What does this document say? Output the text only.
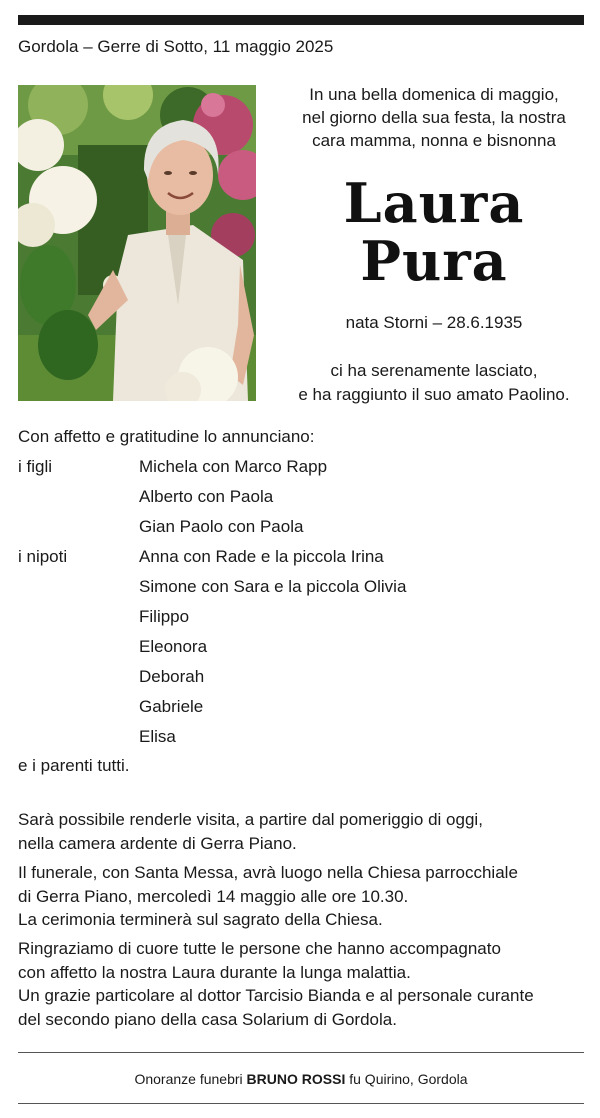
Gordola – Gerre di Sotto, 11 maggio 2025
In una bella domenica di maggio,
nel giorno della sua festa, la nostra
cara mamma, nonna e bisnonna
Laura
Pura
nata Storni – 28.6.1935
ci ha serenamente lasciato,
e ha raggiunto il suo amato Paolino.
Con affetto e gratitudine lo annunciano:
i figli	Michela con Marco Rapp
Alberto con Paola
Gian Paolo con Paola
i nipoti	Anna con Rade e la piccola Irina
Simone con Sara e la piccola Olivia
Filippo
Eleonora
Deborah
Gabriele
Elisa
e i parenti tutti.
Sarà possibile renderle visita, a partire dal pomeriggio di oggi,
nella camera ardente di Gerra Piano.
Il funerale, con Santa Messa, avrà luogo nella Chiesa parrocchiale
di Gerra Piano, mercoledì 14 maggio alle ore 10.30.
La cerimonia terminerà sul sagrato della Chiesa.
Ringraziamo di cuore tutte le persone che hanno accompagnato
con affetto la nostra Laura durante la lunga malattia.
Un grazie particolare al dottor Tarcisio Bianda e al personale curante
del secondo piano della casa Solarium di Gordola.
Onoranze funebri BRUNO ROSSI fu Quirino, Gordola
